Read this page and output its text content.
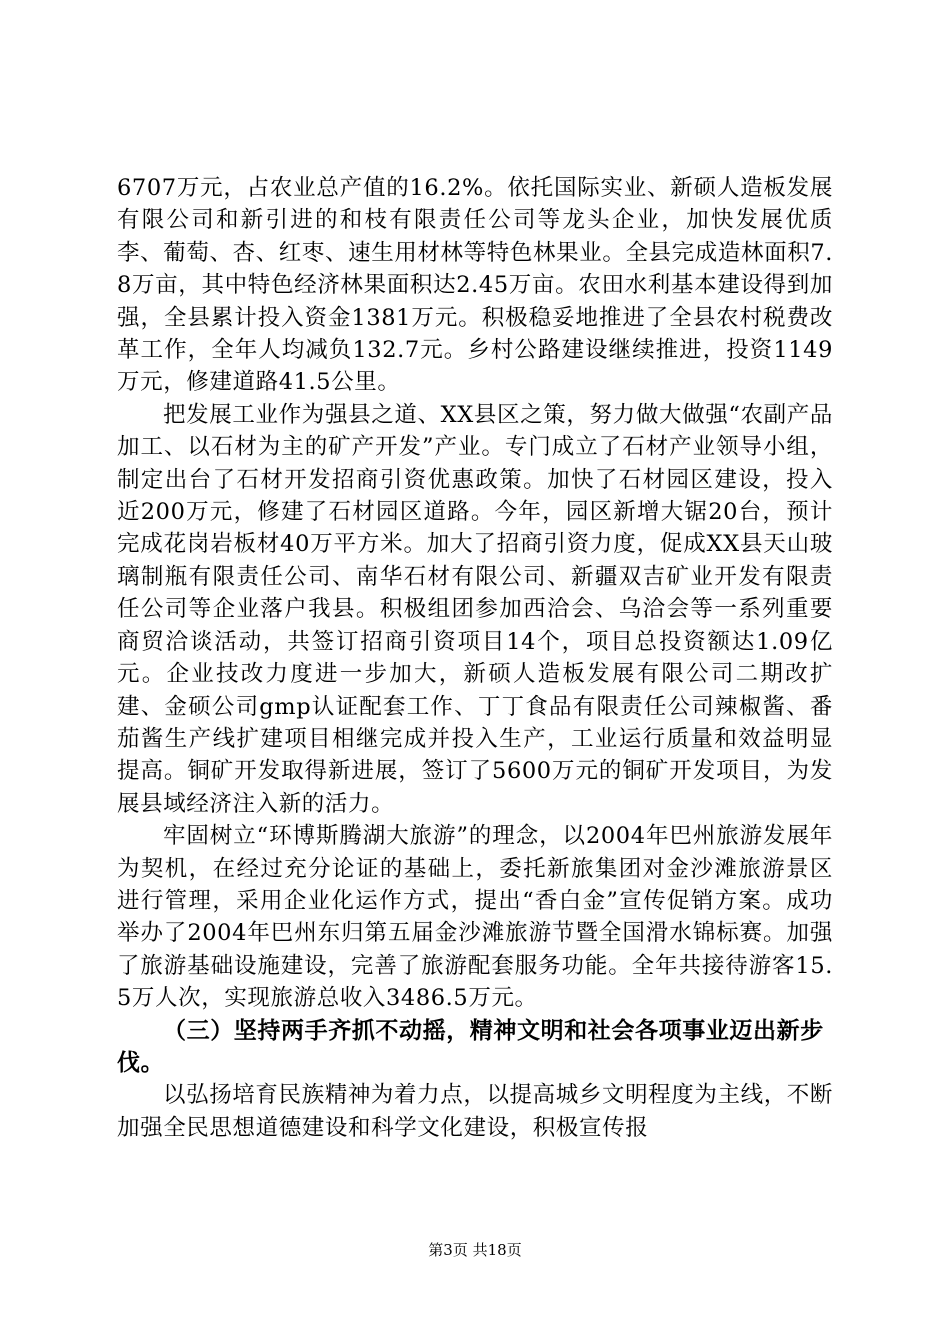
6707万元，占农业总产值的16.2%。依托国际实业、新硕人造板发展有限公司和新引进的和枝有限责任公司等龙头企业，加快发展优质李、葡萄、杏、红枣、速生用材林等特色林果业。全县完成造林面积7.8万亩，其中特色经济林果面积达2.45万亩。农田水利基本建设得到加强，全县累计投入资金1381万元。积极稳妥地推进了全县农村税费改革工作，全年人均减负132.7元。乡村公路建设继续推进，投资1149万元，修建道路41.5公里。

把发展工业作为强县之道、XX县区之策，努力做大做强“农副产品加工、以石材为主的矿产开发”产业。专门成立了石材产业领导小组，制定出台了石材开发招商引资优惠政策。加快了石材园区建设，投入近200万元，修建了石材园区道路。今年，园区新增大锯20台，预计完成花岗岩板材40万平方米。加大了招商引资力度，促成XX县天山玻璃制瓶有限责任公司、南华石材有限公司、新疆双吉矿业开发有限责任公司等企业落户我县。积极组团参加西洽会、乌洽会等一系列重要商贸洽谈活动，共签订招商引资项目14个，项目总投资额达1.09亿元。企业技改力度进一步加大，新硕人造板发展有限公司二期改扩建、金硕公司gmp认证配套工作、丁丁食品有限责任公司辣椒酱、番茄酱生产线扩建项目相继完成并投入生产，工业运行质量和效益明显提高。铜矿开发取得新进展，签订了5600万元的铜矿开发项目，为发展县域经济注入新的活力。

牢固树立“环博斯腾湖大旅游”的理念，以2004年巴州旅游发展年为契机，在经过充分论证的基础上，委托新旅集团对金沙滩旅游景区进行管理，采用企业化运作方式，提出“香白金”宣传促销方案。成功举办了2004年巴州东归第五届金沙滩旅游节暨全国滑水锦标赛。加强了旅游基础设施建设，完善了旅游配套服务功能。全年共接待游客15.5万人次，实现旅游总收入3486.5万元。

（三）坚持两手齐抓不动摇，精神文明和社会各项事业迈出新步伐。

以弘扬培育民族精神为着力点，以提高城乡文明程度为主线，不断加强全民思想道德建设和科学文化建设，积极宣传报

第3页 共18页
